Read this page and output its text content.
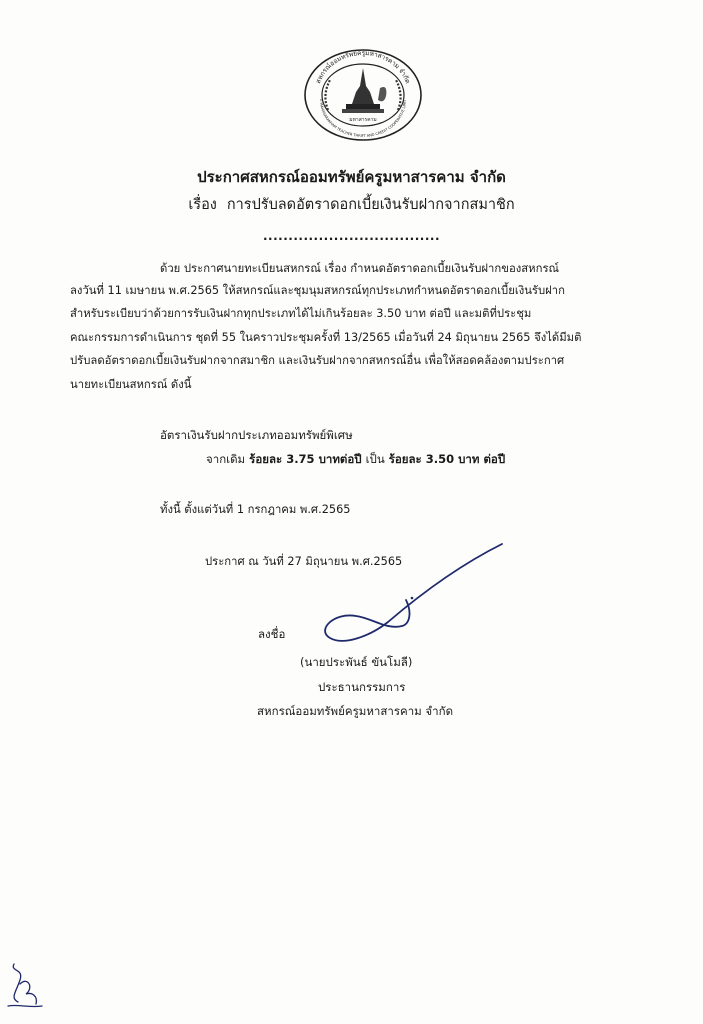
สหกรณ์ออมทรัพย์ครูมหาสารคาม จำกัด
E MAHASARAKHAM TEACHER THRIFT AND CREDIT COOPERATIVE LIMIT
มหาสารคาม
ประกาศสหกรณ์ออมทรัพย์ครูมหาสารคาม จำกัด

เรื่อง การปรับลดอัตราดอกเบี้ยเงินรับฝากจากสมาชิก

...................................
ด้วย ประกาศนายทะเบียนสหกรณ์ เรื่อง กำหนดอัตราดอกเบี้ยเงินรับฝากของสหกรณ์
ลงวันที่ 11 เมษายน พ.ศ.2565 ให้สหกรณ์และชุมนุมสหกรณ์ทุกประเภทกำหนดอัตราดอกเบี้ยเงินรับฝาก
สำหรับระเบียบว่าด้วยการรับเงินฝากทุกประเภทได้ไม่เกินร้อยละ 3.50 บาท ต่อปี และมติที่ประชุม
คณะกรรมการดำเนินการ ชุดที่ 55 ในคราวประชุมครั้งที่ 13/2565 เมื่อวันที่ 24 มิถุนายน 2565 จึงได้มีมติ
ปรับลดอัตราดอกเบี้ยเงินรับฝากจากสมาชิก และเงินรับฝากจากสหกรณ์อื่น เพื่อให้สอดคล้องตามประกาศ
นายทะเบียนสหกรณ์ ดังนี้
อัตราเงินรับฝากประเภทออมทรัพย์พิเศษ
จากเดิม ร้อยละ 3.75 บาทต่อปี เป็น ร้อยละ 3.50 บาท ต่อปี
ทั้งนี้ ตั้งแต่วันที่ 1 กรกฎาคม พ.ศ.2565
ประกาศ ณ วันที่ 27 มิถุนายน พ.ศ.2565
ลงชื่อ
(นายประพันธ์ ขันโมลี)
ประธานกรรมการ
สหกรณ์ออมทรัพย์ครูมหาสารคาม จำกัด
